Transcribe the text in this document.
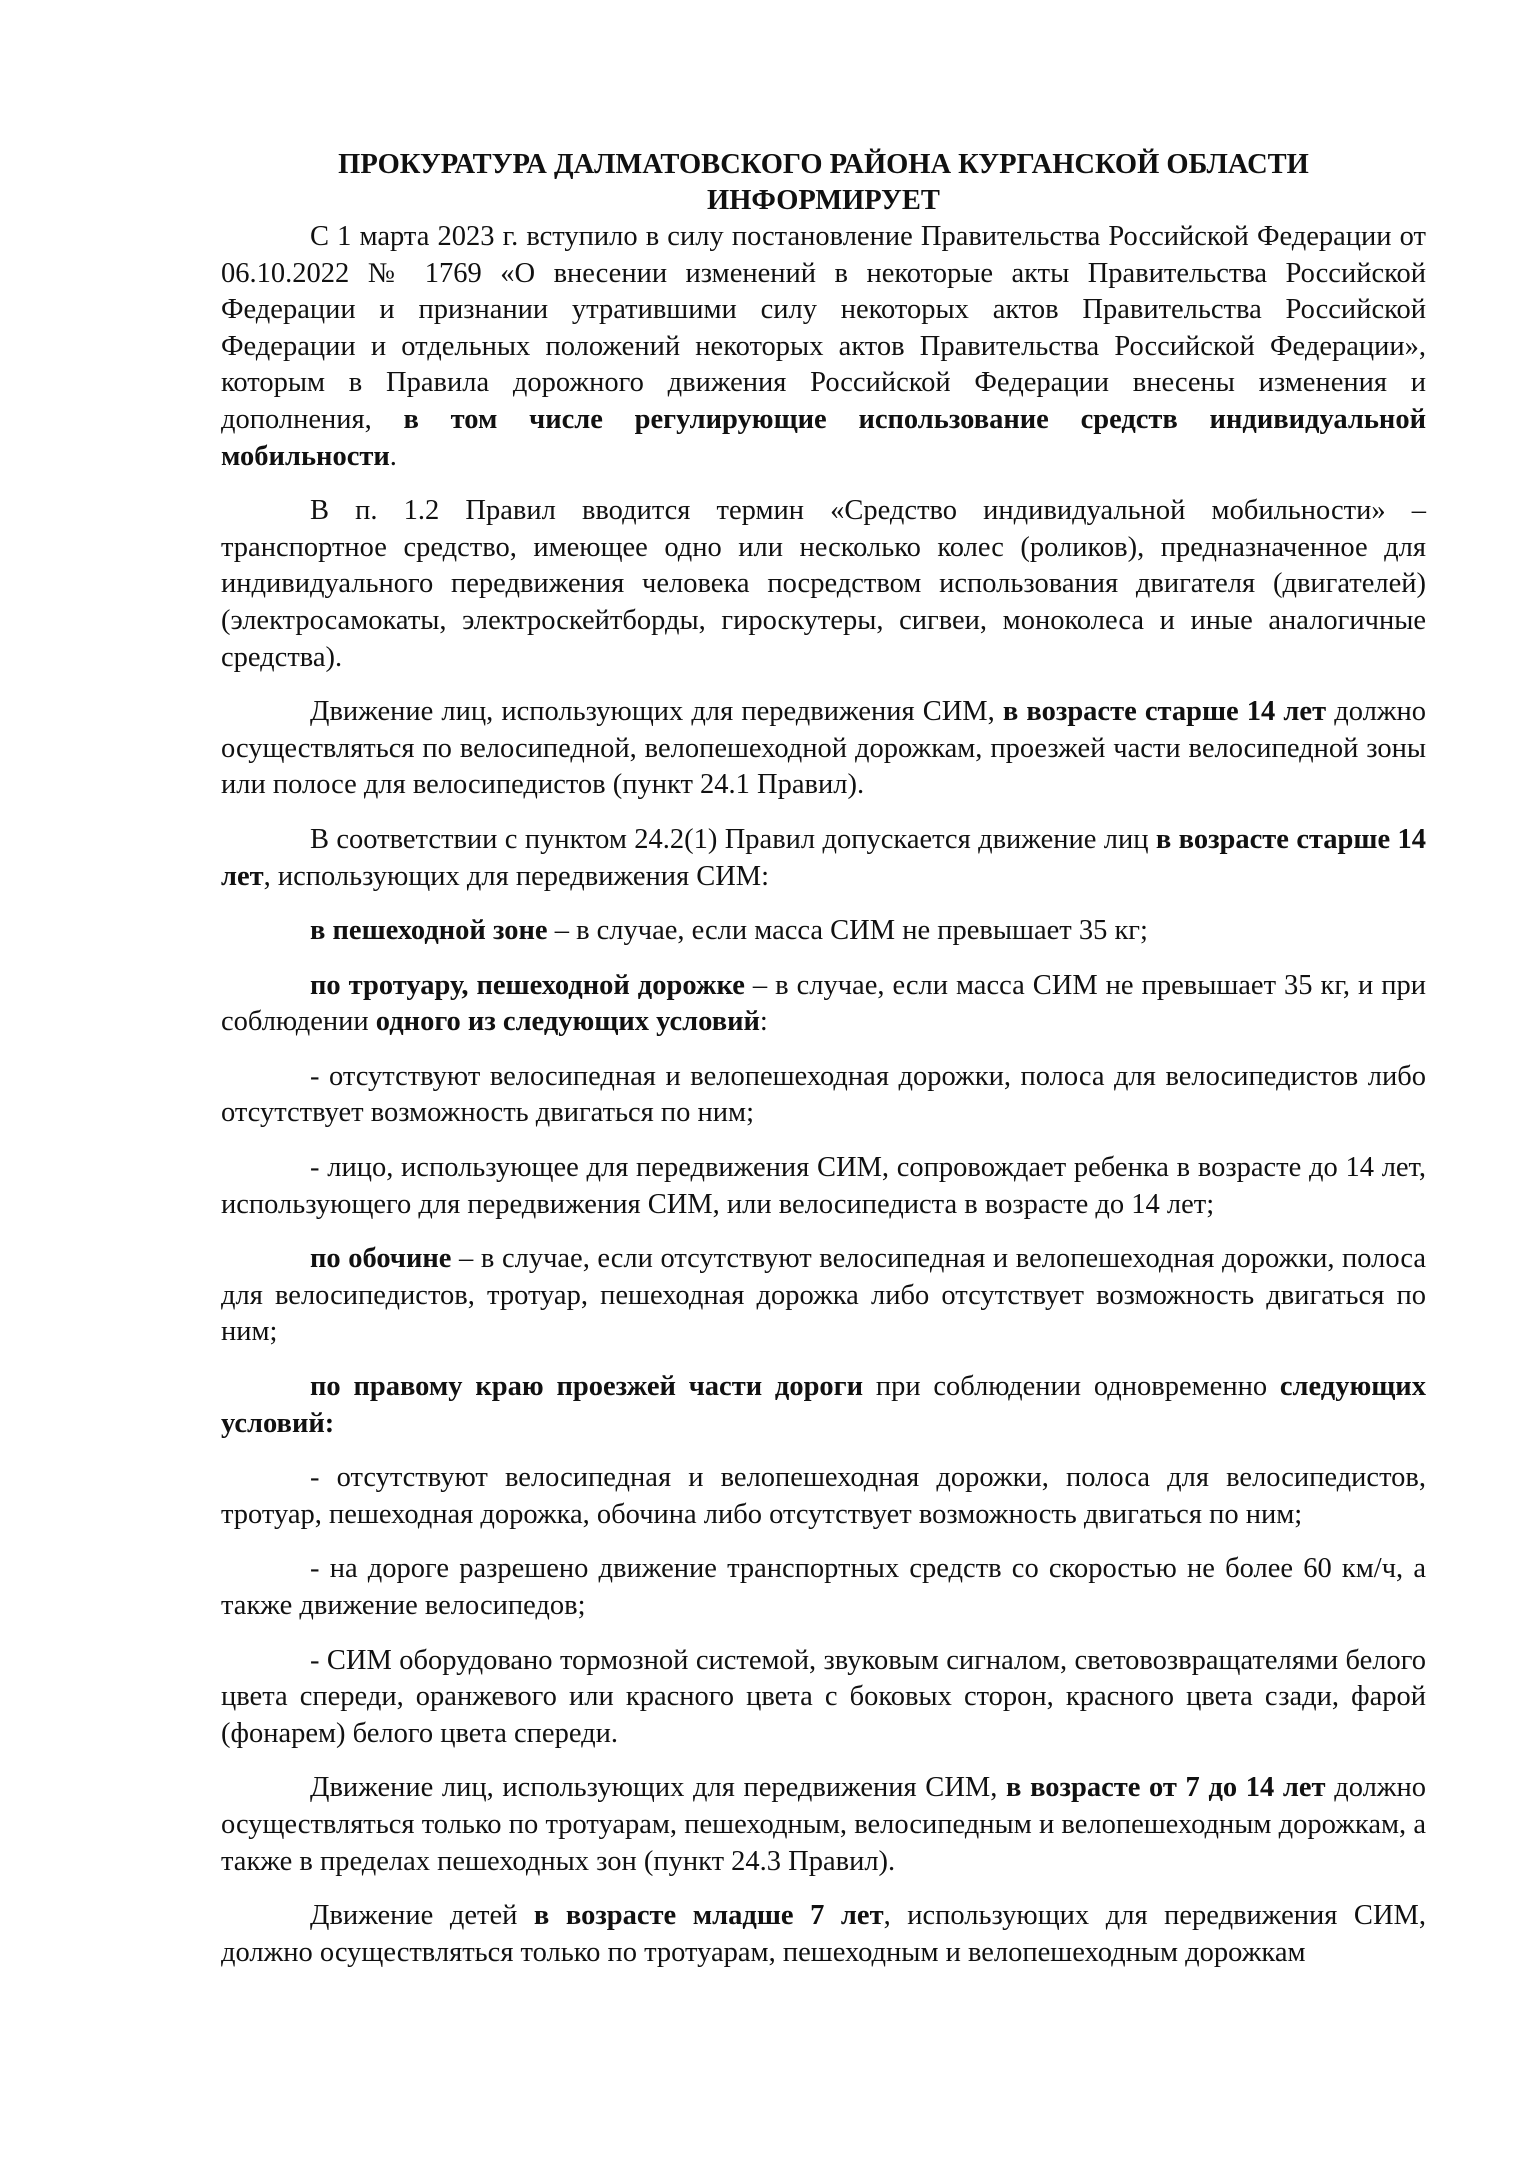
ПРОКУРАТУРА ДАЛМАТОВСКОГО РАЙОНА КУРГАНСКОЙ ОБЛАСТИ
ИНФОРМИРУЕТ

С 1 марта 2023 г. вступило в силу постановление Правительства Российской Федерации от 06.10.2022 № 1769 «О внесении изменений в некоторые акты Правительства Российской Федерации и признании утратившими силу некоторых актов Правительства Российской Федерации и отдельных положений некоторых актов Правительства Российской Федерации», которым в Правила дорожного движения Российской Федерации внесены изменения и дополнения, в том числе регулирующие использование средств индивидуальной мобильности.

В п. 1.2 Правил вводится термин «Средство индивидуальной мобильности» – транспортное средство, имеющее одно или несколько колес (роликов), предназначенное для индивидуального передвижения человека посредством использования двигателя (двигателей) (электросамокаты, электроскейтборды, гироскутеры, сигвеи, моноколеса и иные аналогичные средства).

Движение лиц, использующих для передвижения СИМ, в возрасте старше 14 лет должно осуществляться по велосипедной, велопешеходной дорожкам, проезжей части велосипедной зоны или полосе для велосипедистов (пункт 24.1 Правил).

В соответствии с пунктом 24.2(1) Правил допускается движение лиц в возрасте старше 14 лет, использующих для передвижения СИМ:

в пешеходной зоне – в случае, если масса СИМ не превышает 35 кг;

по тротуару, пешеходной дорожке – в случае, если масса СИМ не превышает 35 кг, и при соблюдении одного из следующих условий:

- отсутствуют велосипедная и велопешеходная дорожки, полоса для велосипедистов либо отсутствует возможность двигаться по ним;

- лицо, использующее для передвижения СИМ, сопровождает ребенка в возрасте до 14 лет, использующего для передвижения СИМ, или велосипедиста в возрасте до 14 лет;

по обочине – в случае, если отсутствуют велосипедная и велопешеходная дорожки, полоса для велосипедистов, тротуар, пешеходная дорожка либо отсутствует возможность двигаться по ним;

по правому краю проезжей части дороги при соблюдении одновременно следующих условий:

- отсутствуют велосипедная и велопешеходная дорожки, полоса для велосипедистов, тротуар, пешеходная дорожка, обочина либо отсутствует возможность двигаться по ним;

- на дороге разрешено движение транспортных средств со скоростью не более 60 км/ч, а также движение велосипедов;

- СИМ оборудовано тормозной системой, звуковым сигналом, световозвращателями белого цвета спереди, оранжевого или красного цвета с боковых сторон, красного цвета сзади, фарой (фонарем) белого цвета спереди.

Движение лиц, использующих для передвижения СИМ, в возрасте от 7 до 14 лет должно осуществляться только по тротуарам, пешеходным, велосипедным и велопешеходным дорожкам, а также в пределах пешеходных зон (пункт 24.3 Правил).

Движение детей в возрасте младше 7 лет, использующих для передвижения СИМ, должно осуществляться только по тротуарам, пешеходным и велопешеходным дорожкам
